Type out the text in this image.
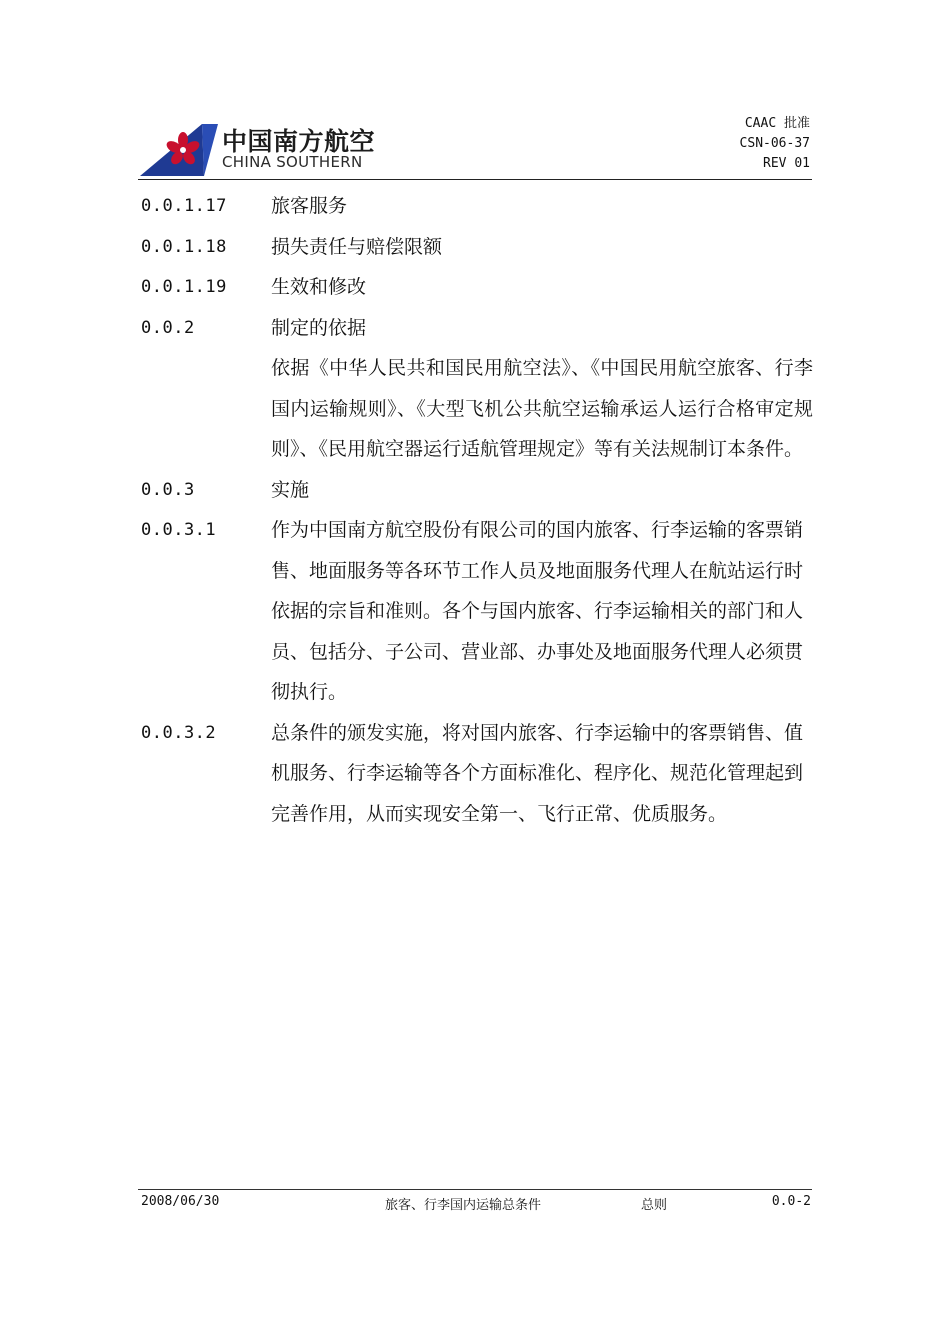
中国南方航空
CHINA SOUTHERN
CAAC 批准
CSN-06-37
REV 01
0.0.1.17	旅客服务
0.0.1.18	损失责任与赔偿限额
0.0.1.19	生效和修改
0.0.2	制定的依据
依据《中华人民共和国民用航空法》、《中国民用航空旅客、行李国内运输规则》、《大型飞机公共航空运输承运人运行合格审定规则》、《民用航空器运行适航管理规定》等有关法规制订本条件。
0.0.3	实施
0.0.3.1	作为中国南方航空股份有限公司的国内旅客、行李运输的客票销售、地面服务等各环节工作人员及地面服务代理人在航站运行时依据的宗旨和准则。各个与国内旅客、行李运输相关的部门和人员、包括分、子公司、营业部、办事处及地面服务代理人必须贯彻执行。
0.0.3.2	总条件的颁发实施，将对国内旅客、行李运输中的客票销售、值机服务、行李运输等各个方面标准化、程序化、规范化管理起到完善作用，从而实现安全第一、飞行正常、优质服务。
2008/06/30	旅客、行李国内运输总条件	总则	0.0-2
